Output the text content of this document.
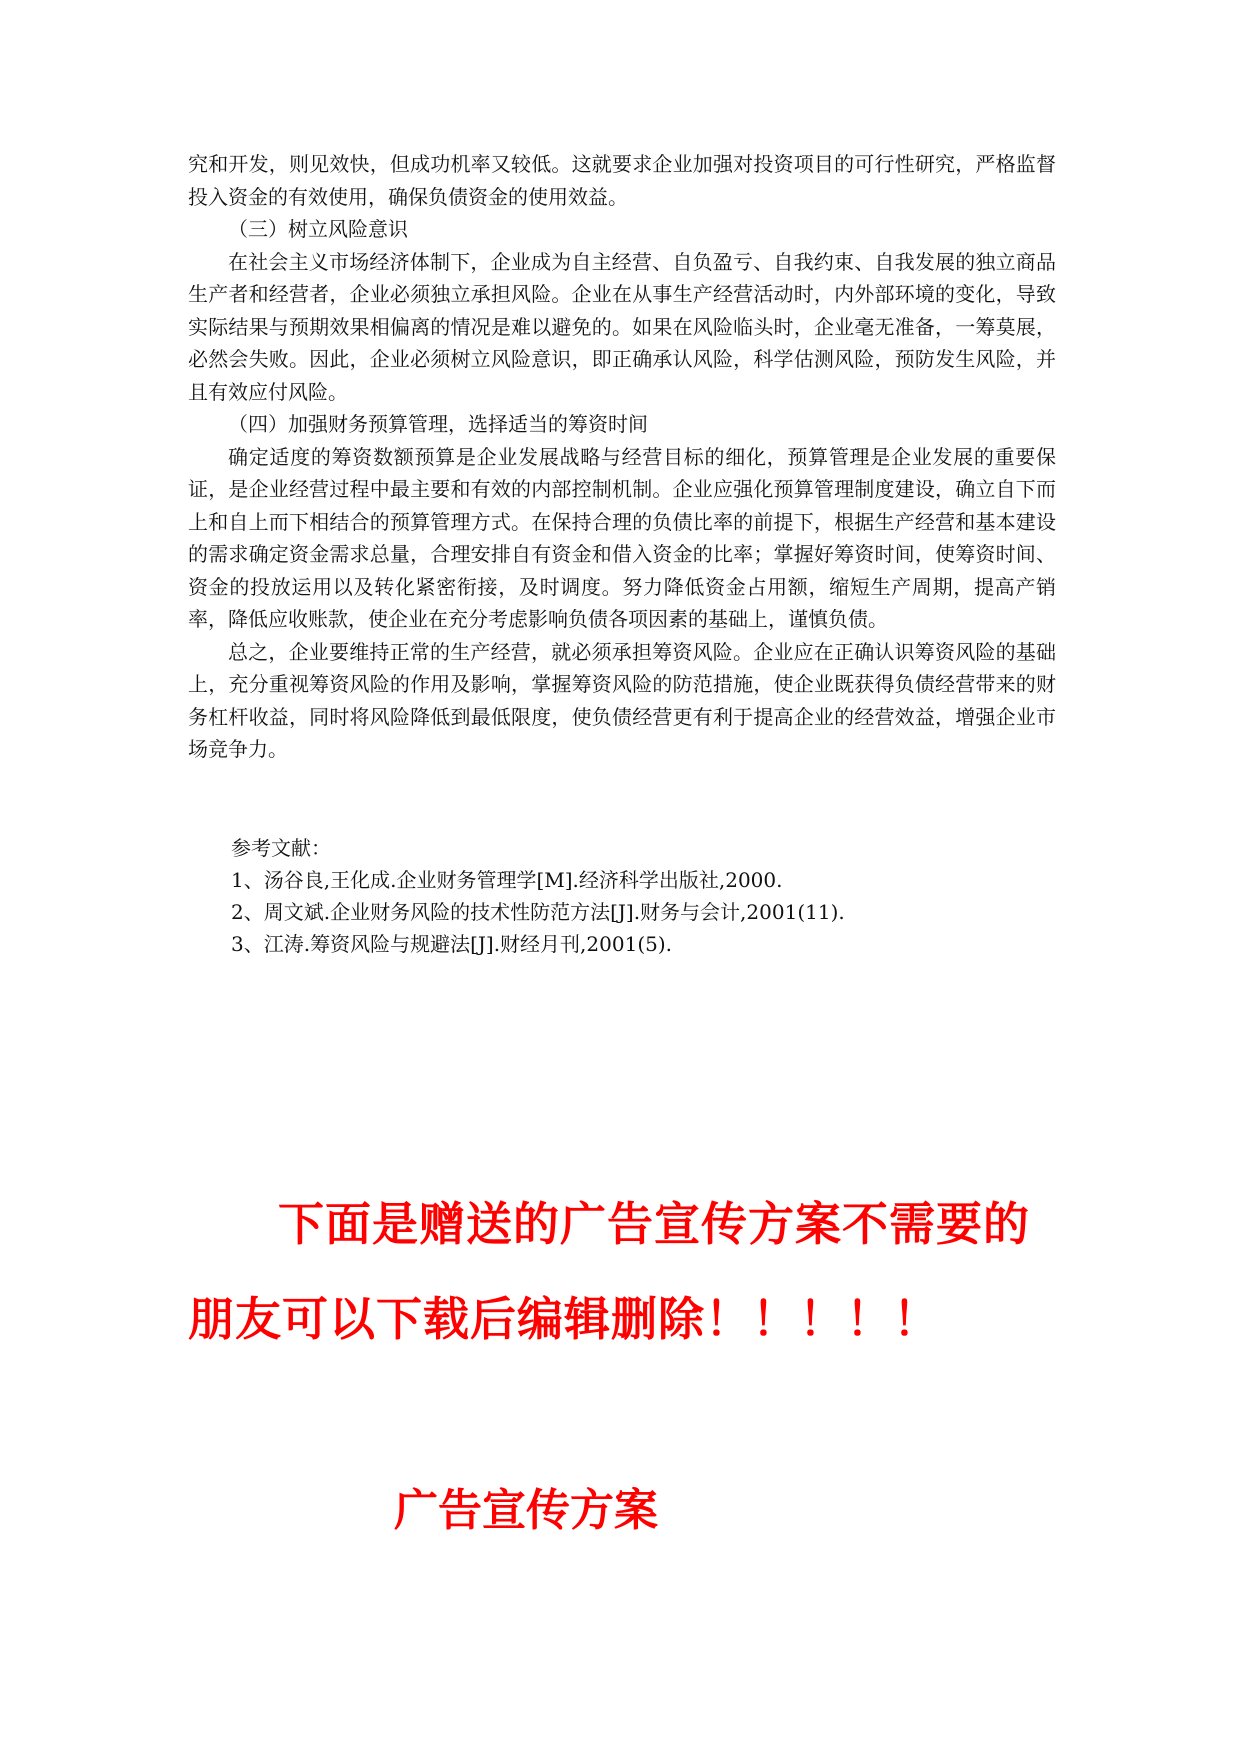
究和开发，则见效快，但成功机率又较低。这就要求企业加强对投资项目的可行性研究，严格监督投入资金的有效使用，确保负债资金的使用效益。

（三）树立风险意识

在社会主义市场经济体制下，企业成为自主经营、自负盈亏、自我约束、自我发展的独立商品生产者和经营者，企业必须独立承担风险。企业在从事生产经营活动时，内外部环境的变化，导致实际结果与预期效果相偏离的情况是难以避免的。如果在风险临头时，企业毫无准备，一筹莫展，必然会失败。因此，企业必须树立风险意识，即正确承认风险，科学估测风险，预防发生风险，并且有效应付风险。

（四）加强财务预算管理，选择适当的筹资时间

确定适度的筹资数额预算是企业发展战略与经营目标的细化，预算管理是企业发展的重要保证，是企业经营过程中最主要和有效的内部控制机制。企业应强化预算管理制度建设，确立自下而上和自上而下相结合的预算管理方式。在保持合理的负债比率的前提下，根据生产经营和基本建设的需求确定资金需求总量，合理安排自有资金和借入资金的比率；掌握好筹资时间，使筹资时间、资金的投放运用以及转化紧密衔接，及时调度。努力降低资金占用额，缩短生产周期，提高产销率，降低应收账款，使企业在充分考虑影响负债各项因素的基础上，谨慎负债。

总之，企业要维持正常的生产经营，就必须承担筹资风险。企业应在正确认识筹资风险的基础上，充分重视筹资风险的作用及影响，掌握筹资风险的防范措施，使企业既获得负债经营带来的财务杠杆收益，同时将风险降低到最低限度，使负债经营更有利于提高企业的经营效益，增强企业市场竞争力。

参考文献：

1、汤谷良,王化成.企业财务管理学[M].经济科学出版社,2000.

2、周文斌.企业财务风险的技术性防范方法[J].财务与会计,2001(11).

3、江涛.筹资风险与规避法[J].财经月刊,2001(5).

下面是赠送的广告宣传方案不需要的
朋友可以下载后编辑删除！！！！！
广告宣传方案
